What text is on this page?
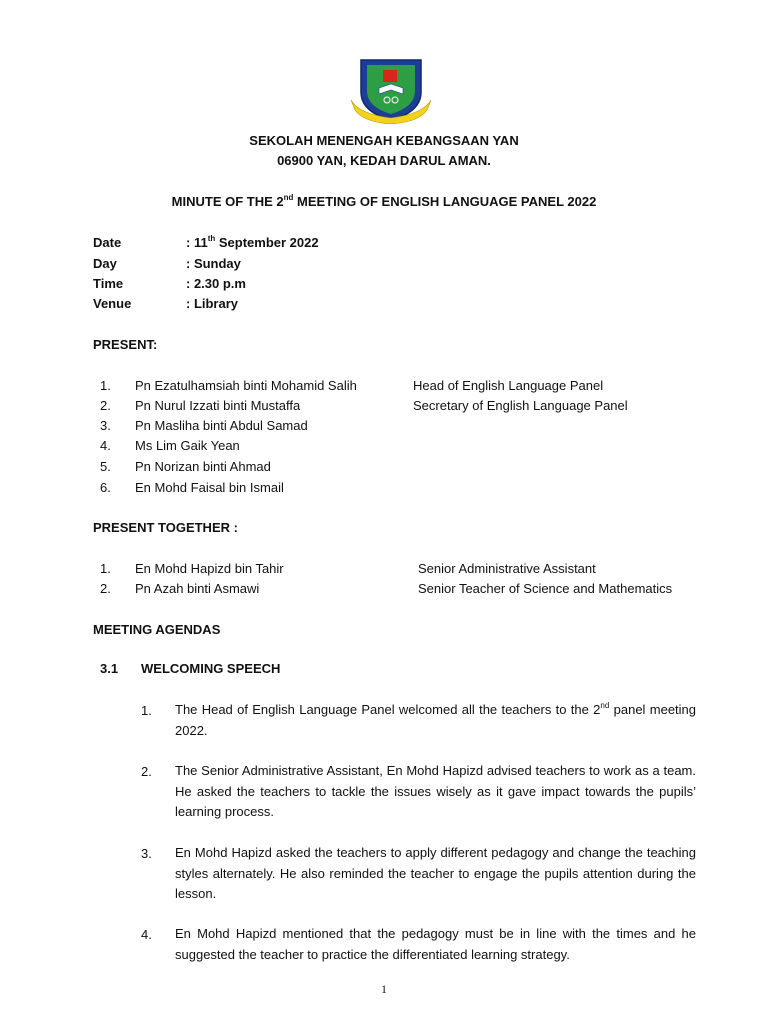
SEKOLAH MENENGAH KEBANGSAAN YAN
06900 YAN, KEDAH DARUL AMAN.
MINUTE OF THE 2nd MEETING OF ENGLISH LANGUAGE PANEL 2022
Date	: 11th September 2022
Day	: Sunday
Time	: 2.30 p.m
Venue	: Library
PRESENT:
1. Pn Ezatulhamsiah binti Mohamid Salih	Head of English Language Panel
2. Pn Nurul Izzati binti Mustaffa	Secretary of English Language Panel
3. Pn Masliha binti Abdul Samad
4. Ms Lim Gaik Yean
5. Pn Norizan binti Ahmad
6. En Mohd Faisal bin Ismail
PRESENT TOGETHER :
1. En Mohd Hapizd bin Tahir	Senior Administrative Assistant
2. Pn Azah binti Asmawi	Senior Teacher of Science and Mathematics
MEETING AGENDAS
3.1 WELCOMING SPEECH
1. The Head of English Language Panel welcomed all the teachers to the 2nd panel meeting 2022.
2. The Senior Administrative Assistant, En Mohd Hapizd advised teachers to work as a team. He asked the teachers to tackle the issues wisely as it gave impact towards the pupils’ learning process.
3. En Mohd Hapizd asked the teachers to apply different pedagogy and change the teaching styles alternately. He also reminded the teacher to engage the pupils attention during the lesson.
4. En Mohd Hapizd mentioned that the pedagogy must be in line with the times and he suggested the teacher to practice the differentiated learning strategy.
1
